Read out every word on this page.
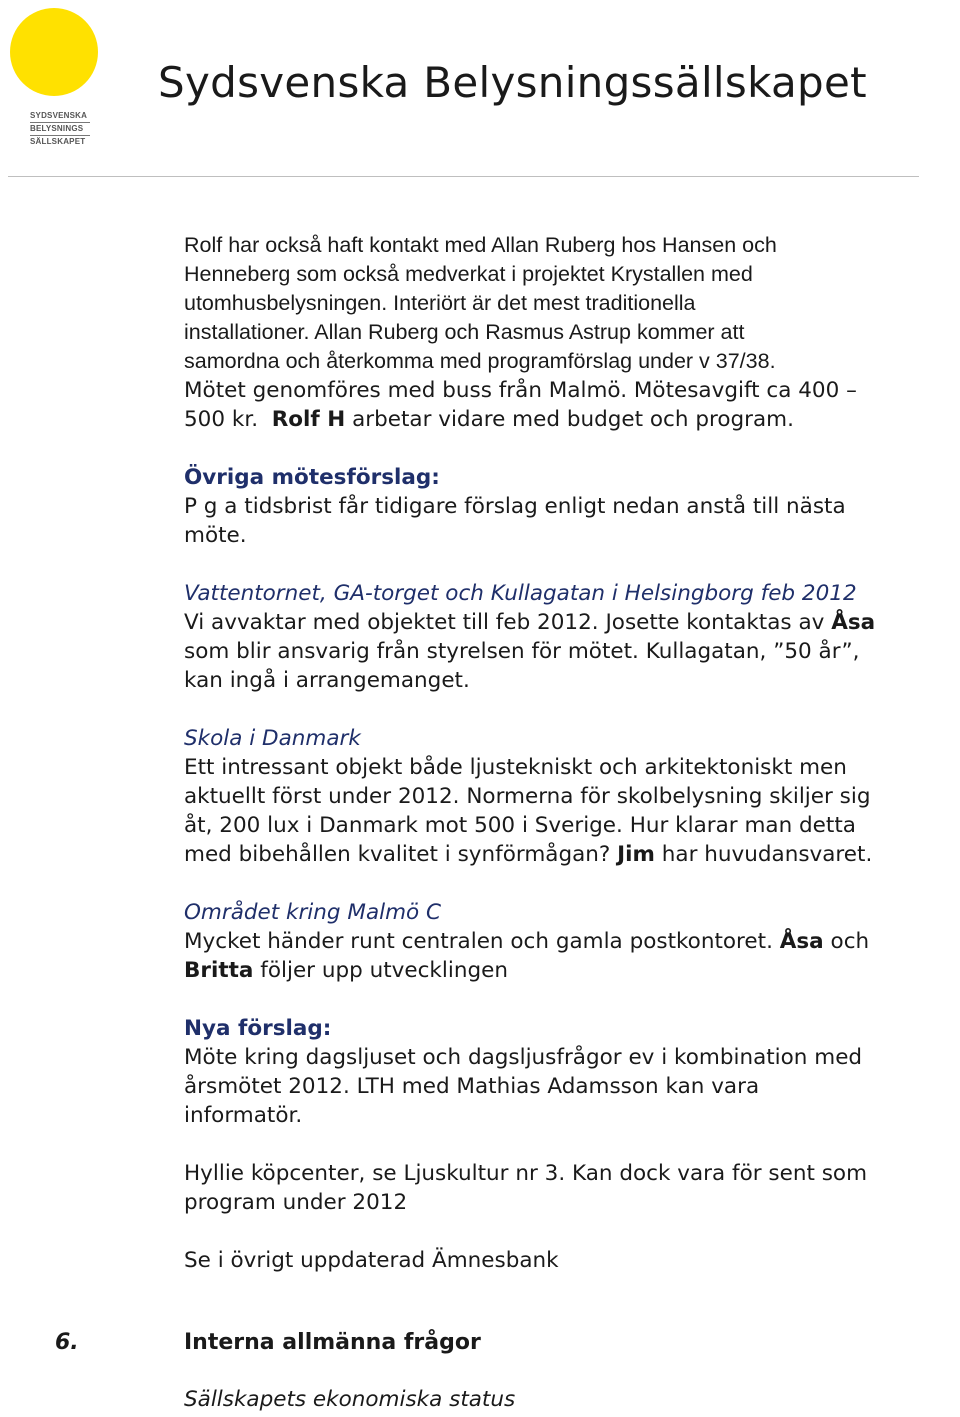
SYDSVENSKA
BELYSNINGS
SÄLLSKAPET
Sydsvenska Belysningssällskapet

Rolf har också haft kontakt med Allan Ruberg hos Hansen och

Henneberg som också medverkat i projektet Krystallen med

utomhusbelysningen. Interiört är det mest traditionella

installationer. Allan Ruberg och Rasmus Astrup kommer att

samordna och återkomma med programförslag under v 37/38.

Mötet genomföres med buss från Malmö. Mötesavgift ca 400 –

500 kr.  Rolf H arbetar vidare med budget och program.

Övriga mötesförslag:

P g a tidsbrist får tidigare förslag enligt nedan anstå till nästa

möte.

Vattentornet, GA-torget och Kullagatan i Helsingborg feb 2012

Vi avvaktar med objektet till feb 2012. Josette kontaktas av Åsa

som blir ansvarig från styrelsen för mötet. Kullagatan, ”50 år”,

kan ingå i arrangemanget.

Skola i Danmark

Ett intressant objekt både ljustekniskt och arkitektoniskt men

aktuellt först under 2012. Normerna för skolbelysning skiljer sig

åt, 200 lux i Danmark mot 500 i Sverige. Hur klarar man detta

med bibehållen kvalitet i synförmågan? Jim har huvudansvaret.

Området kring Malmö C

Mycket händer runt centralen och gamla postkontoret. Åsa och

Britta följer upp utvecklingen

Nya förslag:

Möte kring dagsljuset och dagsljusfrågor ev i kombination med

årsmötet 2012. LTH med Mathias Adamsson kan vara

informatör.

Hyllie köpcenter, se Ljuskultur nr 3. Kan dock vara för sent som

program under 2012

Se i övrigt uppdaterad Ämnesbank

6.	Interna allmänna frågor
Sällskapets ekonomiska status
